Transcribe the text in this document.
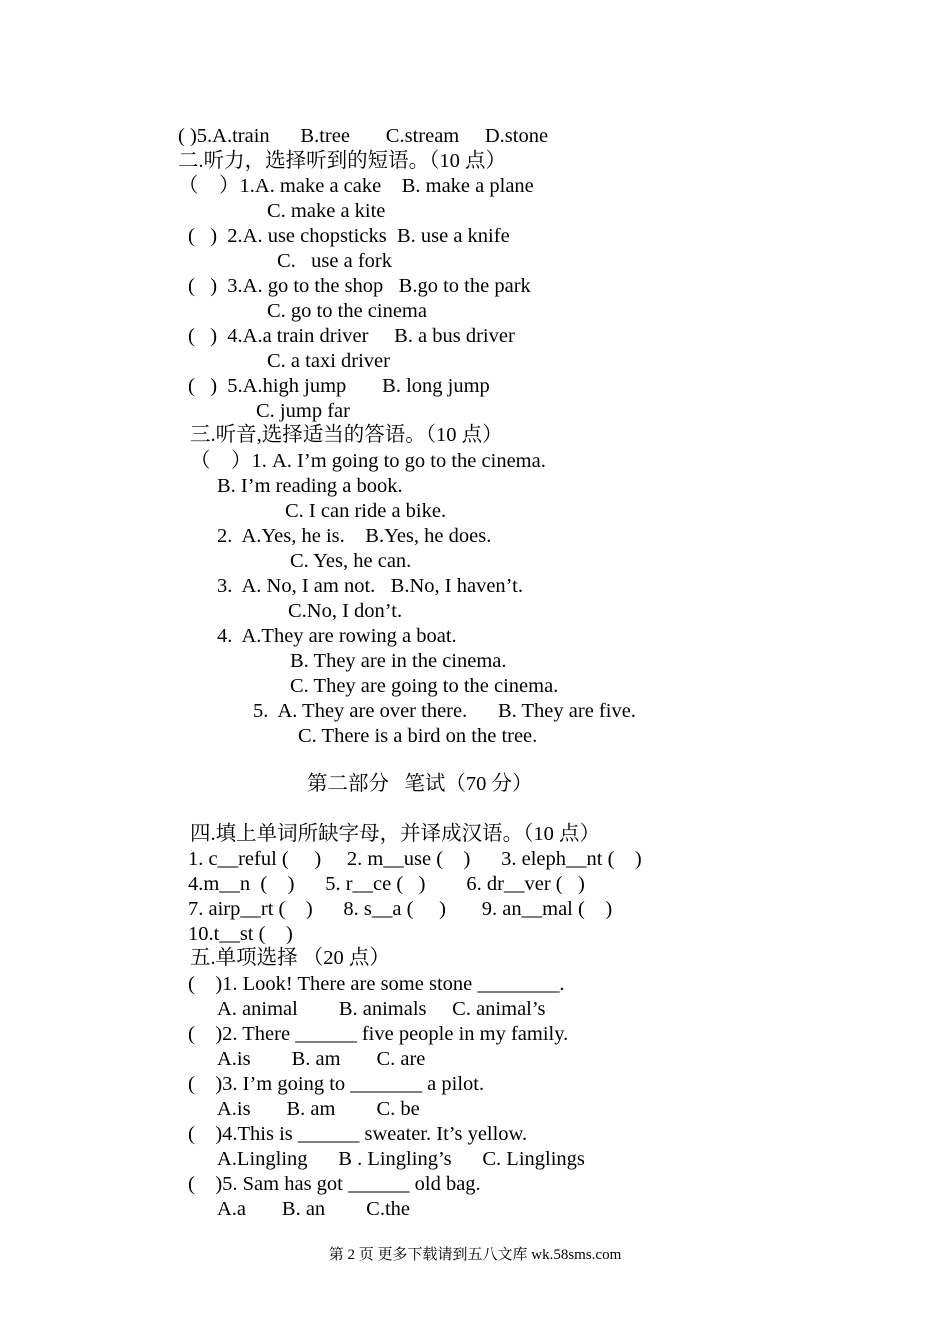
( )5.A.train      B.tree       C.stream     D.stone
二.听力，选择听到的短语。（10 点）
（    ）1.A. make a cake    B. make a plane
C. make a kite
(   )  2.A. use chopsticks  B. use a knife
C.   use a fork
(   )  3.A. go to the shop   B.go to the park
C. go to the cinema
(   )  4.A.a train driver     B. a bus driver
C. a taxi driver
(   )  5.A.high jump       B. long jump
C. jump far
三.听音,选择适当的答语。（10 点）
（    ）1. A. I’m going to go to the cinema.
B. I’m reading a book.
C. I can ride a bike.
2.  A.Yes, he is.    B.Yes, he does.
C. Yes, he can.
3.  A. No, I am not.   B.No, I haven’t.
C.No, I don’t.
4.  A.They are rowing a boat.
B. They are in the cinema.
C. They are going to the cinema.
5.  A. They are over there.      B. They are five.
C. There is a bird on the tree.
第二部分   笔试（70 分）
四.填上单词所缺字母，并译成汉语。（10 点）
1. c__reful (     )     2. m__use (    )      3. eleph__nt (    )
4.m__n  (    )      5. r__ce (   )        6. dr__ver (   )
7. airp__rt (    )      8. s__a (     )       9. an__mal (    )
10.t__st (    )
五.单项选择 （20 点）
(    )1. Look! There are some stone ________.
A. animal        B. animals     C. animal’s
(    )2. There ______ five people in my family.
A.is        B. am       C. are
(    )3. I’m going to _______ a pilot.
A.is       B. am        C. be
(    )4.This is ______ sweater. It’s yellow.
A.Lingling      B . Lingling’s      C. Linglings
(    )5. Sam has got ______ old bag.
A.a       B. an        C.the
第 2 页 更多下载请到五八文库 wk.58sms.com
